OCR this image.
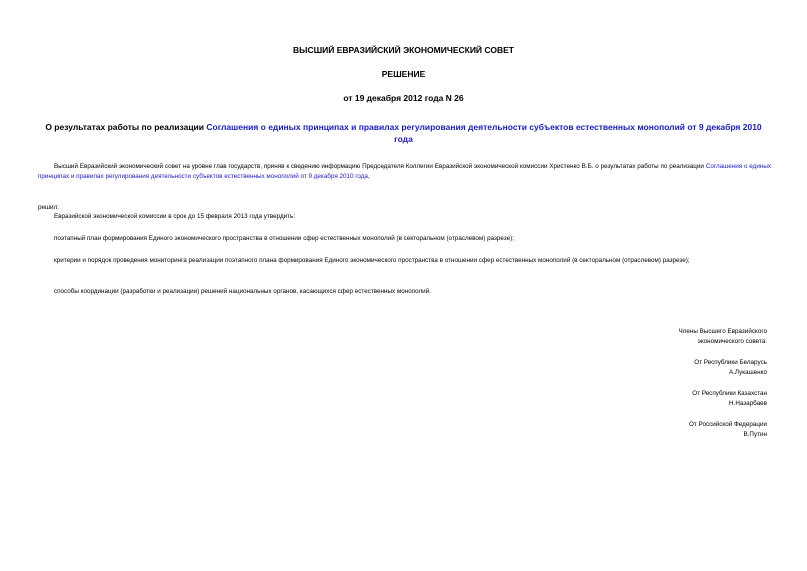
ВЫСШИЙ ЕВРАЗИЙСКИЙ ЭКОНОМИЧЕСКИЙ СОВЕТ
РЕШЕНИЕ
от 19 декабря 2012 года N 26
О результатах работы по реализации Соглашения о единых принципах и правилах регулирования деятельности субъектов естественных монополий от 9 декабря 2010 года
Высший Евразийский экономический совет на уровне глав государств, приняв к сведению информацию Председателя Коллегии Евразийской экономической комиссии Христенко В.Б. о результатах работы по реализации Соглашения о единых принципах и правилах регулирования деятельности субъектов естественных монополий от 9 декабря 2010 года,
решил:
Евразийской экономической комиссии в срок до 15 февраля 2013 года утвердить:
поэтапный план формирования Единого экономического пространства в отношении сфер естественных монополий (в секторальном (отраслевом) разрезе);
критерии и порядок проведения мониторинга реализации поэтапного плана формирования Единого экономического пространства в отношении сфер естественных монополий (в секторальном (отраслевом) разрезе);
способы координации (разработки и реализации) решений национальных органов, касающихся сфер естественных монополий.
Члены Высшего Евразийского
экономического совета:
От Республики Беларусь
А.Лукашенко
От Республики Казахстан
Н.Назарбаев
От Российской Федерации
В.Путин
